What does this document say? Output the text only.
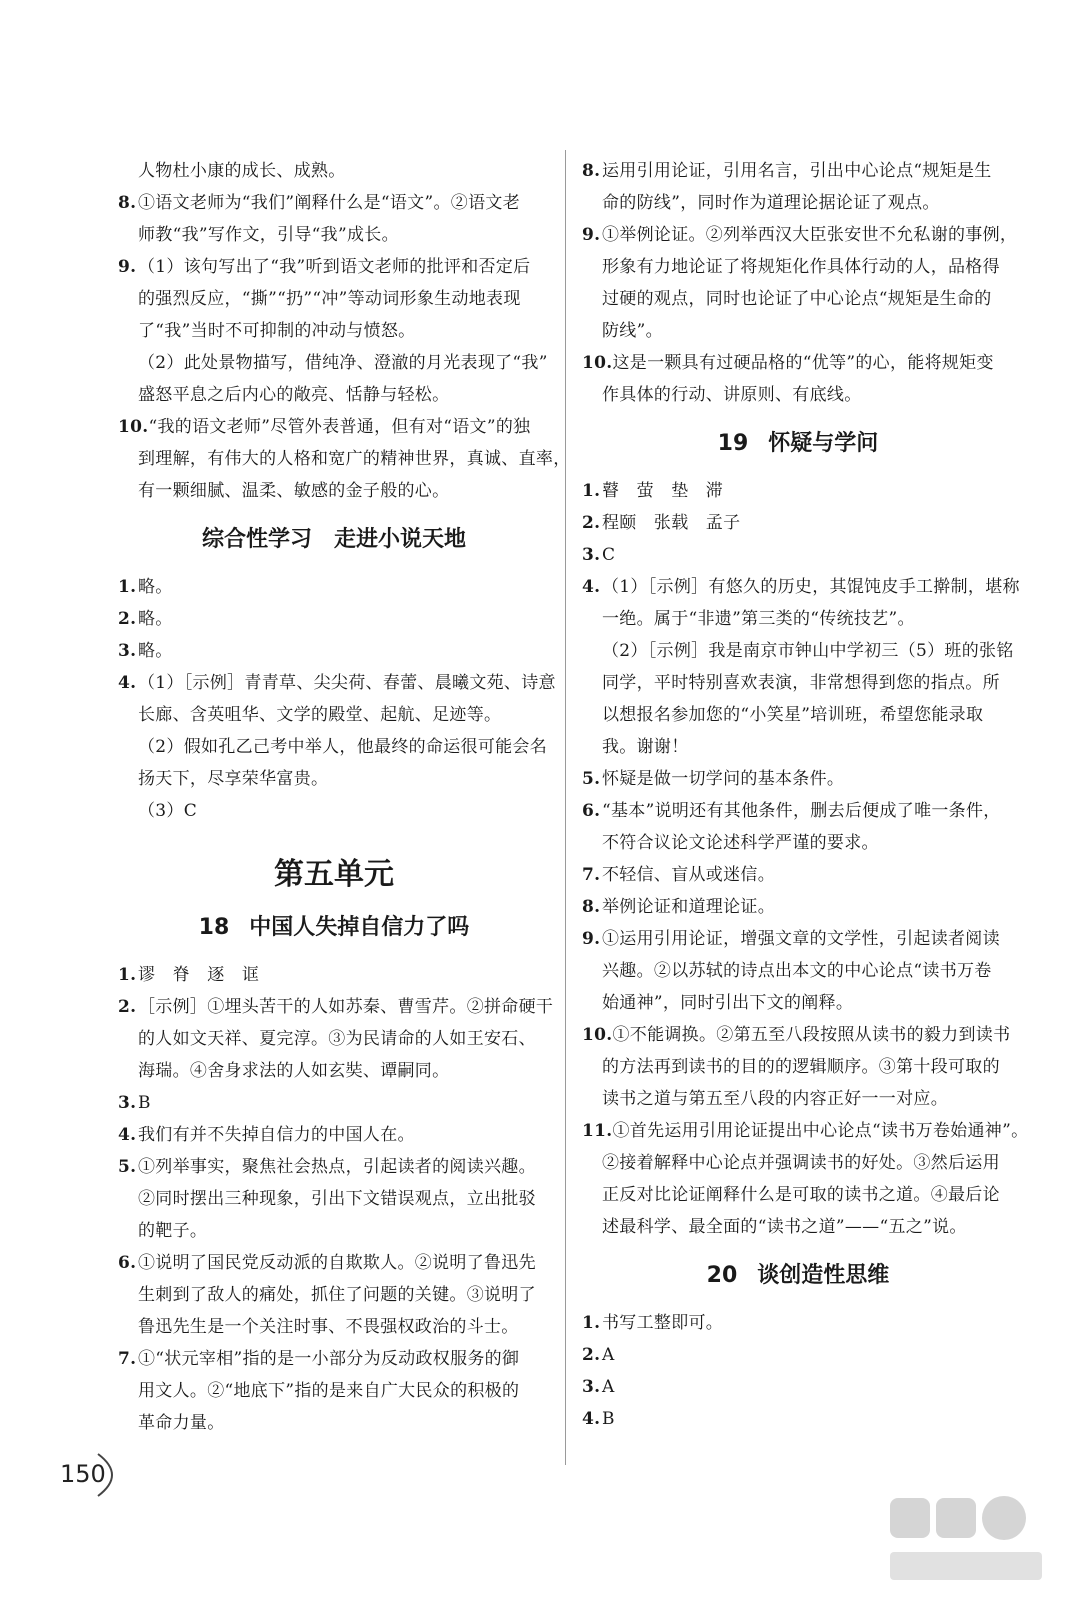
人物杜小康的成长、成熟。
8.①语文老师为“我们”阐释什么是“语文”。②语文老
师教“我”写作文，引导“我”成长。
9.（1）该句写出了“我”听到语文老师的批评和否定后
的强烈反应，“撕”“扔”“冲”等动词形象生动地表现
了“我”当时不可抑制的冲动与愤怒。
（2）此处景物描写，借纯净、澄澈的月光表现了“我”
盛怒平息之后内心的敞亮、恬静与轻松。
10.“我的语文老师”尽管外表普通，但有对“语文”的独
到理解，有伟大的人格和宽广的精神世界，真诚、直率，
有一颗细腻、温柔、敏感的金子般的心。
综合性学习　走进小说天地
1.略。
2.略。
3.略。
4.（1）［示例］青青草、尖尖荷、春蕾、晨曦文苑、诗意
长廊、含英咀华、文学的殿堂、起航、足迹等。
（2）假如孔乙己考中举人，他最终的命运很可能会名
扬天下，尽享荣华富贵。
（3）C
第五单元
18 中国人失掉自信力了吗
1.谬　脊　逐　诓
2.［示例］①埋头苦干的人如苏秦、曹雪芹。②拼命硬干
的人如文天祥、夏完淳。③为民请命的人如王安石、
海瑞。④舍身求法的人如玄奘、谭嗣同。
3.B
4.我们有并不失掉自信力的中国人在。
5.①列举事实，聚焦社会热点，引起读者的阅读兴趣。
②同时摆出三种现象，引出下文错误观点，立出批驳
的靶子。
6.①说明了国民党反动派的自欺欺人。②说明了鲁迅先
生刺到了敌人的痛处，抓住了问题的关键。③说明了
鲁迅先生是一个关注时事、不畏强权政治的斗士。
7.①“状元宰相”指的是一小部分为反动政权服务的御
用文人。②“地底下”指的是来自广大民众的积极的
革命力量。
8.运用引用论证，引用名言，引出中心论点“规矩是生
命的防线”，同时作为道理论据论证了观点。
9.①举例论证。②列举西汉大臣张安世不允私谢的事例，
形象有力地论证了将规矩化作具体行动的人，品格得
过硬的观点，同时也论证了中心论点“规矩是生命的
防线”。
10.这是一颗具有过硬品格的“优等”的心，能将规矩变
作具体的行动、讲原则、有底线。
19 怀疑与学问
1.瞽　萤　垫　滞
2.程颐　张载　孟子
3.C
4.（1）［示例］有悠久的历史，其馄饨皮手工擀制，堪称
一绝。属于“非遗”第三类的“传统技艺”。
（2）［示例］我是南京市钟山中学初三（5）班的张铭
同学，平时特别喜欢表演，非常想得到您的指点。所
以想报名参加您的“小笑星”培训班，希望您能录取
我。谢谢！
5.怀疑是做一切学问的基本条件。
6.“基本”说明还有其他条件，删去后便成了唯一条件，
不符合议论文论述科学严谨的要求。
7.不轻信、盲从或迷信。
8.举例论证和道理论证。
9.①运用引用论证，增强文章的文学性，引起读者阅读
兴趣。②以苏轼的诗点出本文的中心论点“读书万卷
始通神”，同时引出下文的阐释。
10.①不能调换。②第五至八段按照从读书的毅力到读书
的方法再到读书的目的的逻辑顺序。③第十段可取的
读书之道与第五至八段的内容正好一一对应。
11.①首先运用引用论证提出中心论点“读书万卷始通神”。
②接着解释中心论点并强调读书的好处。③然后运用
正反对比论证阐释什么是可取的读书之道。④最后论
述最科学、最全面的“读书之道”——“五之”说。
20 谈创造性思维
1.书写工整即可。
2.A
3.A
4.B
150
